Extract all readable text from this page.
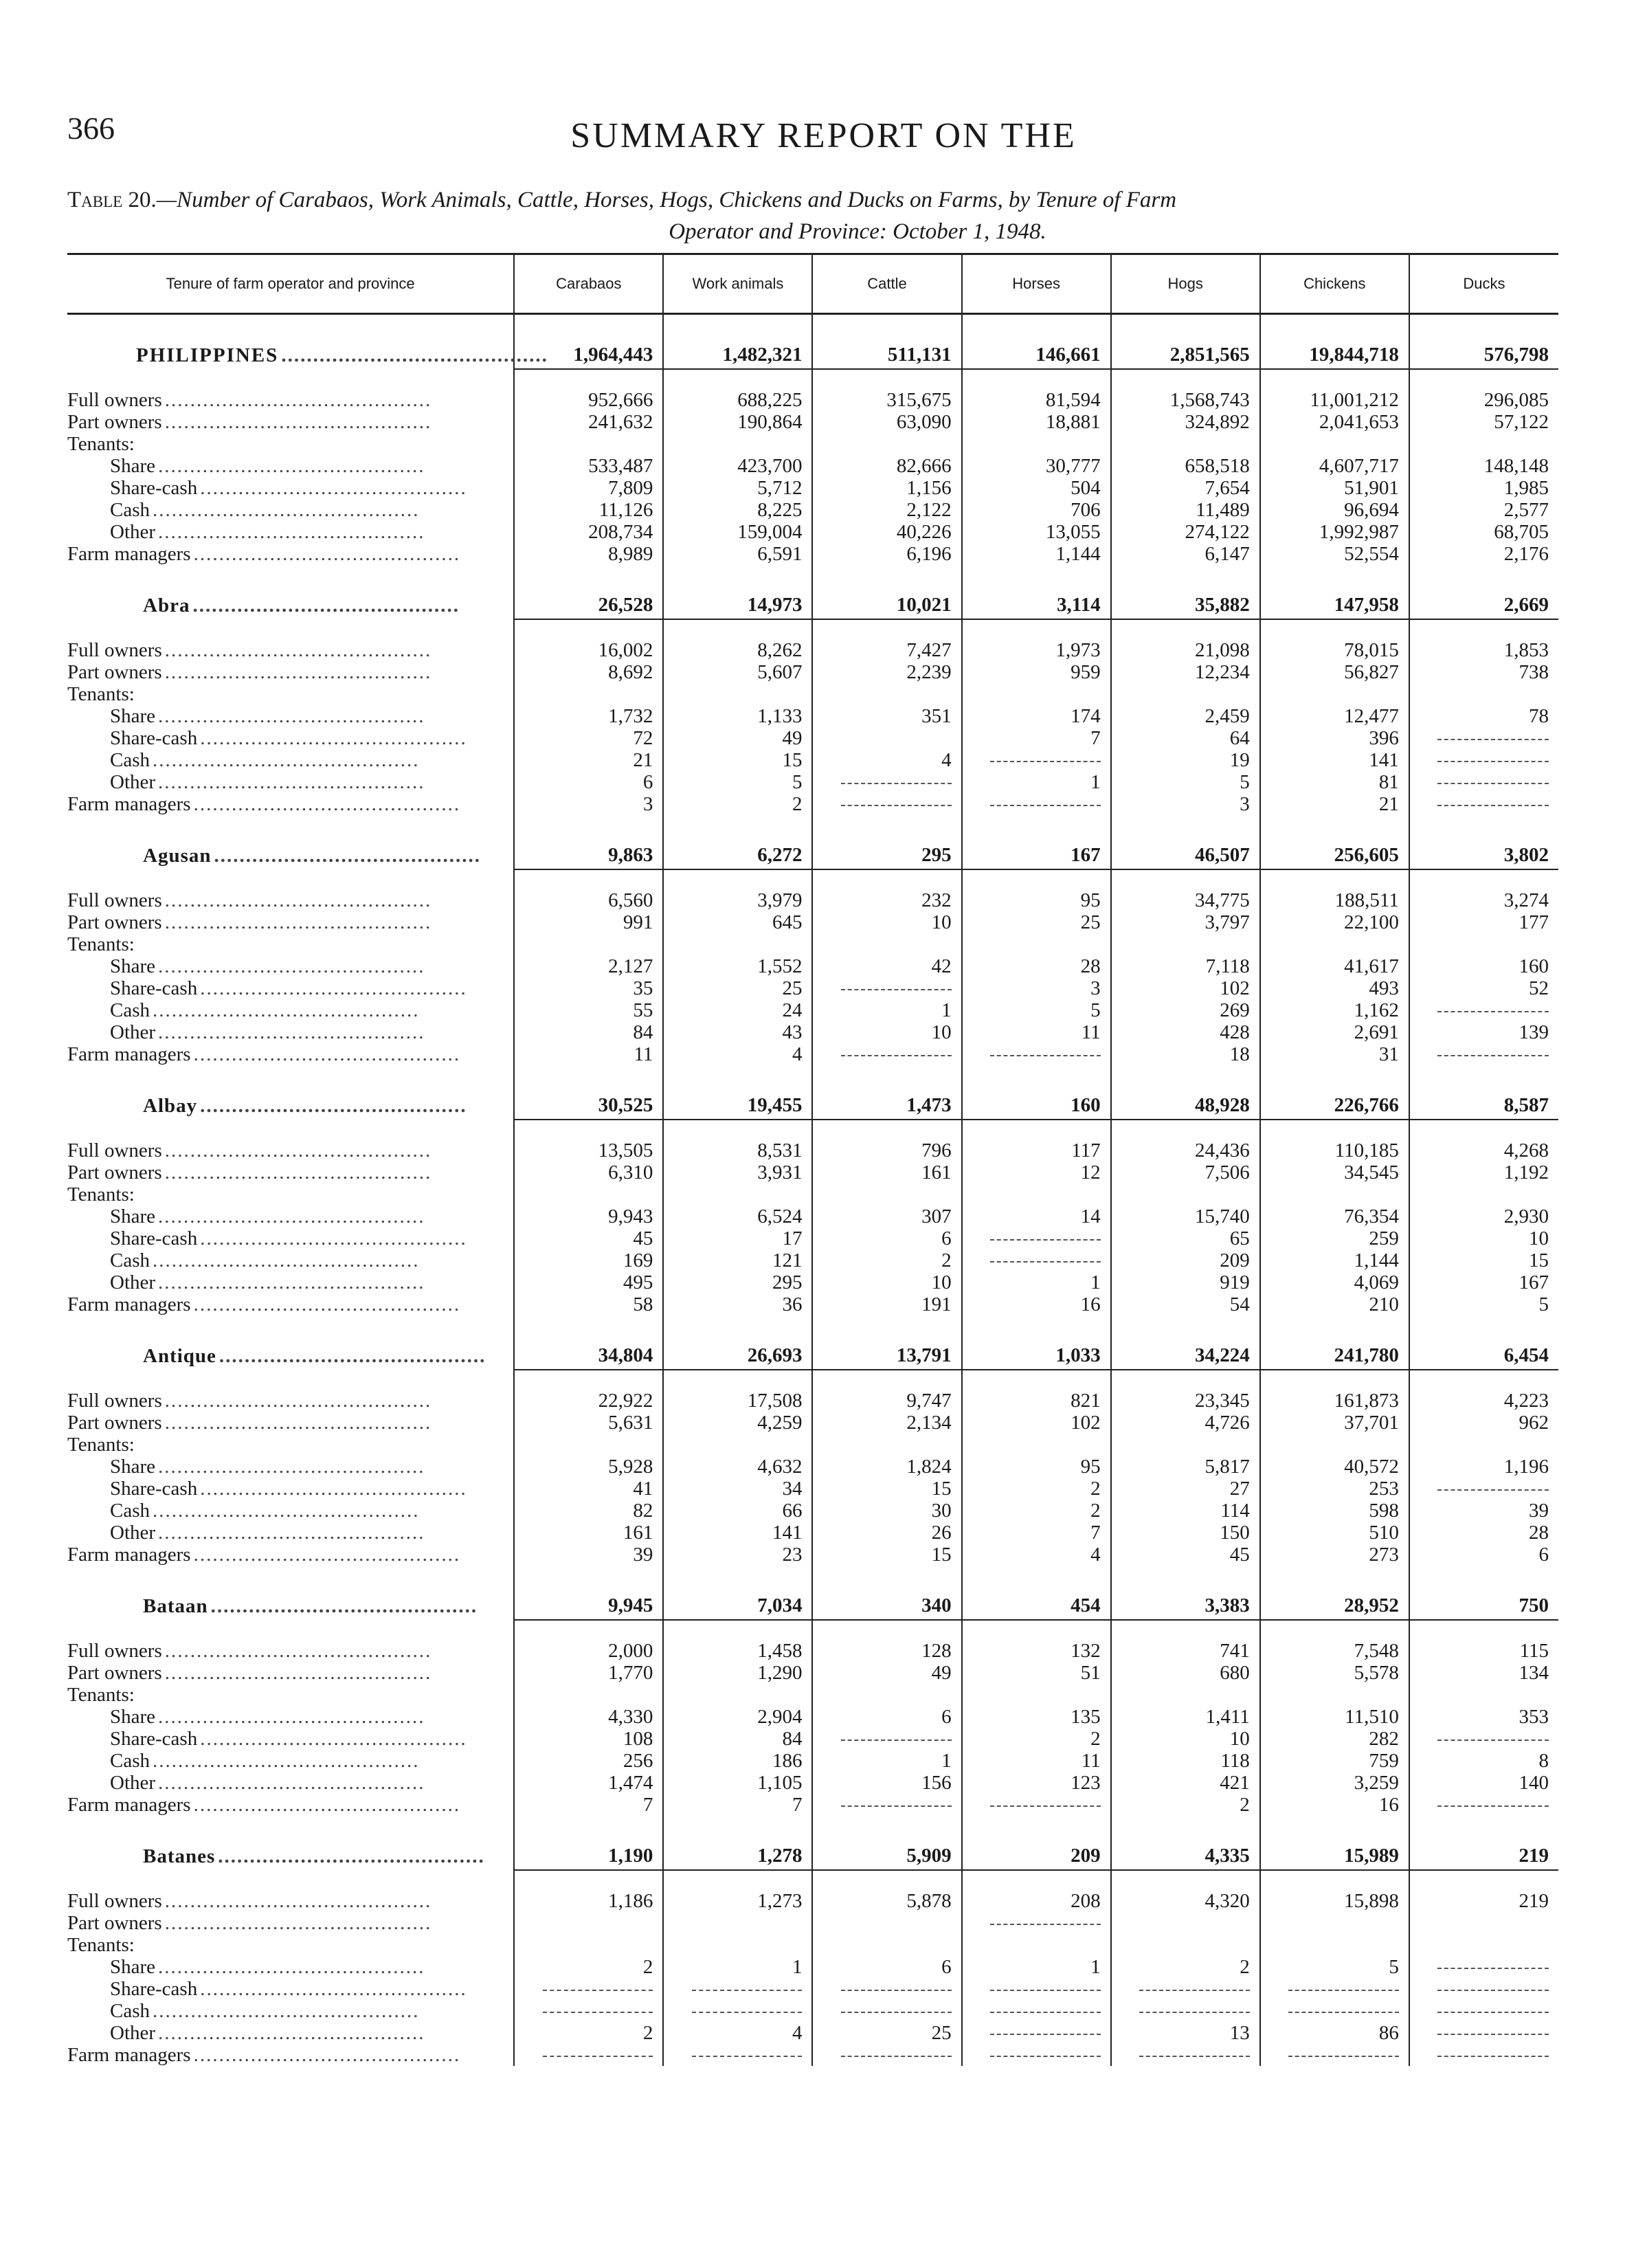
366	SUMMARY REPORT ON THE
Table 20.—Number of Carabaos, Work Animals, Cattle, Horses, Hogs, Chickens and Ducks on Farms, by Tenure of Farm
Operator and Province: October 1, 1948.
Tenure of farm operator and province	Carabaos	Work animals	Cattle	Horses	Hogs	Chickens	Ducks
PHILIPPINES ..........................................	1,964,443	1,482,321	511,131	146,661	2,851,565	19,844,718	576,798
Full owners ..........................................	952,666	688,225	315,675	81,594	1,568,743	11,001,212	296,085
Part owners ..........................................	241,632	190,864	63,090	18,881	324,892	2,041,653	57,122
Tenants:							
Share ..........................................	533,487	423,700	82,666	30,777	658,518	4,607,717	148,148
Share-cash ..........................................	7,809	5,712	1,156	504	7,654	51,901	1,985
Cash ..........................................	11,126	8,225	2,122	706	11,489	96,694	2,577
Other ..........................................	208,734	159,004	40,226	13,055	274,122	1,992,987	68,705
Farm managers ..........................................	8,989	6,591	6,196	1,144	6,147	52,554	2,176
Abra ..........................................	26,528	14,973	10,021	3,114	35,882	147,958	2,669
Full owners ..........................................	16,002	8,262	7,427	1,973	21,098	78,015	1,853
Part owners ..........................................	8,692	5,607	2,239	959	12,234	56,827	738
Tenants:							
Share ..........................................	1,732	1,133	351	174	2,459	12,477	78
Share-cash ..........................................	72	49		7	64	396	
Cash ..........................................	21	15	4		19	141	
Other ..........................................	6	5		1	5	81	
Farm managers ..........................................	3	2			3	21	
Agusan ..........................................	9,863	6,272	295	167	46,507	256,605	3,802
Full owners ..........................................	6,560	3,979	232	95	34,775	188,511	3,274
Part owners ..........................................	991	645	10	25	3,797	22,100	177
Tenants:							
Share ..........................................	2,127	1,552	42	28	7,118	41,617	160
Share-cash ..........................................	35	25		3	102	493	52
Cash ..........................................	55	24	1	5	269	1,162	
Other ..........................................	84	43	10	11	428	2,691	139
Farm managers ..........................................	11	4			18	31	
Albay ..........................................	30,525	19,455	1,473	160	48,928	226,766	8,587
Full owners ..........................................	13,505	8,531	796	117	24,436	110,185	4,268
Part owners ..........................................	6,310	3,931	161	12	7,506	34,545	1,192
Tenants:							
Share ..........................................	9,943	6,524	307	14	15,740	76,354	2,930
Share-cash ..........................................	45	17	6		65	259	10
Cash ..........................................	169	121	2		209	1,144	15
Other ..........................................	495	295	10	1	919	4,069	167
Farm managers ..........................................	58	36	191	16	54	210	5
Antique ..........................................	34,804	26,693	13,791	1,033	34,224	241,780	6,454
Full owners ..........................................	22,922	17,508	9,747	821	23,345	161,873	4,223
Part owners ..........................................	5,631	4,259	2,134	102	4,726	37,701	962
Tenants:							
Share ..........................................	5,928	4,632	1,824	95	5,817	40,572	1,196
Share-cash ..........................................	41	34	15	2	27	253	
Cash ..........................................	82	66	30	2	114	598	39
Other ..........................................	161	141	26	7	150	510	28
Farm managers ..........................................	39	23	15	4	45	273	6
Bataan ..........................................	9,945	7,034	340	454	3,383	28,952	750
Full owners ..........................................	2,000	1,458	128	132	741	7,548	115
Part owners ..........................................	1,770	1,290	49	51	680	5,578	134
Tenants:							
Share ..........................................	4,330	2,904	6	135	1,411	11,510	353
Share-cash ..........................................	108	84		2	10	282	
Cash ..........................................	256	186	1	11	118	759	8
Other ..........................................	1,474	1,105	156	123	421	3,259	140
Farm managers ..........................................	7	7			2	16	
Batanes ..........................................	1,190	1,278	5,909	209	4,335	15,989	219
Full owners ..........................................	1,186	1,273	5,878	208	4,320	15,898	219
Part owners ..........................................							
Tenants:							
Share ..........................................	2	1	6	1	2	5	
Share-cash ..........................................							
Cash ..........................................							
Other ..........................................	2	4	25		13	86	
Farm managers ..........................................							
